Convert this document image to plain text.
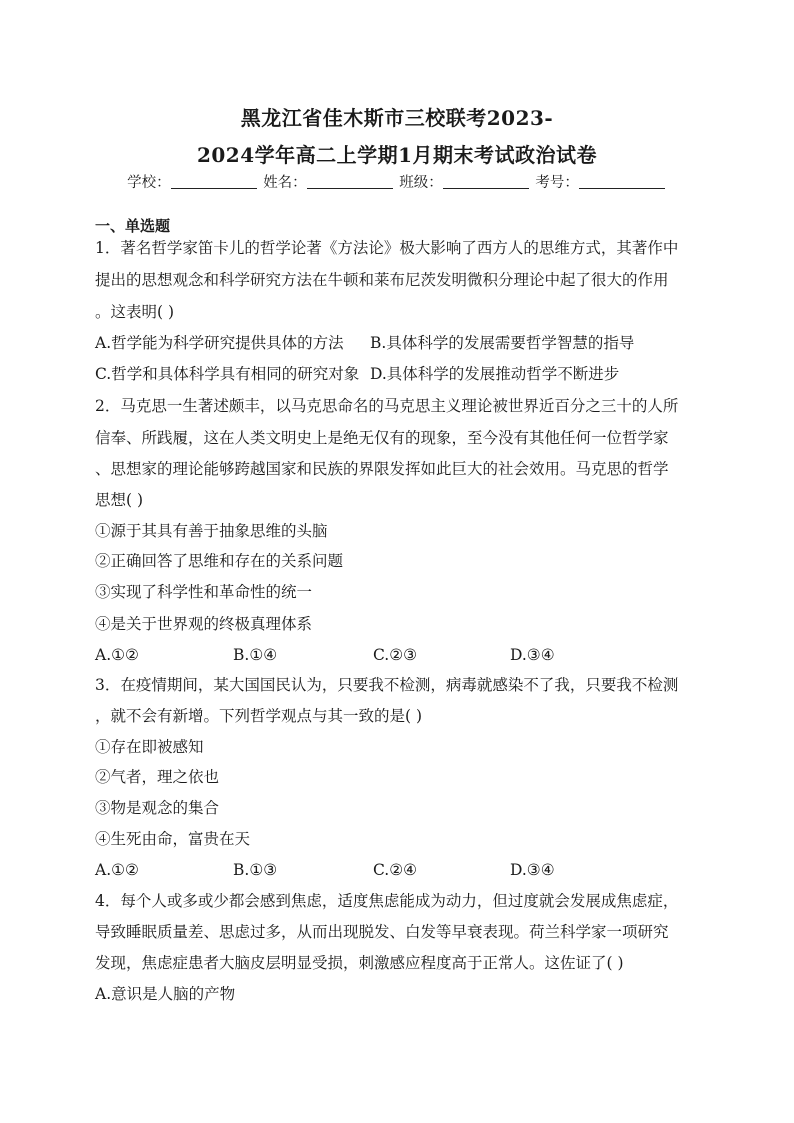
黑龙江省佳木斯市三校联考2023-
2024学年高二上学期1月期末考试政治试卷
学校：	姓名：	班级：	考号：
一、单选题
1．著名哲学家笛卡儿的哲学论著《方法论》极大影响了西方人的思维方式，其著作中
提出的思想观念和科学研究方法在牛顿和莱布尼茨发明微积分理论中起了很大的作用
。这表明( )
A.哲学能为科学研究提供具体的方法 B.具体科学的发展需要哲学智慧的指导
C.哲学和具体科学具有相同的研究对象 D.具体科学的发展推动哲学不断进步
2．马克思一生著述颇丰，以马克思命名的马克思主义理论被世界近百分之三十的人所
信奉、所践履，这在人类文明史上是绝无仅有的现象，至今没有其他任何一位哲学家
、思想家的理论能够跨越国家和民族的界限发挥如此巨大的社会效用。马克思的哲学
思想( )
①源于其具有善于抽象思维的头脑
②正确回答了思维和存在的关系问题
③实现了科学性和革命性的统一
④是关于世界观的终极真理体系
A.①②	B.①④	C.②③	D.③④
3．在疫情期间，某大国国民认为，只要我不检测，病毒就感染不了我，只要我不检测
，就不会有新增。下列哲学观点与其一致的是( )
①存在即被感知
②气者，理之依也
③物是观念的集合
④生死由命，富贵在天
A.①②	B.①③	C.②④	D.③④
4．每个人或多或少都会感到焦虑，适度焦虑能成为动力，但过度就会发展成焦虑症，
导致睡眠质量差、思虑过多，从而出现脱发、白发等早衰表现。荷兰科学家一项研究
发现，焦虑症患者大脑皮层明显受损，刺激感应程度高于正常人。这佐证了( )
A.意识是人脑的产物
